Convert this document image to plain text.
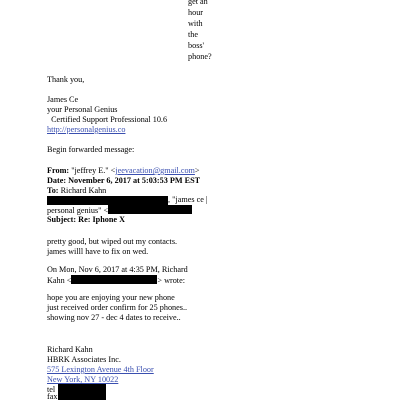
get an

hour

with

the

boss'

phone?

Thank you,

James Ce

your Personal Genius

 Certified Support Professional 10.6

http://personalgenius.co

Begin forwarded message:

From: "jeffrey E." <jeevacation@gmail.com>

Date: November 6, 2017 at 5:03:53 PM EST

To: Richard Kahn

, "james ce |

personal genius" <

Subject: Re: Iphone X

pretty good, but wiped out my contacts.

james willl have to fix on wed.

On Mon, Nov 6, 2017 at 4:35 PM, Richard

Kahn <	> wrote:

hope you are enjoying your new phone

just received order confirm for 25 phones..

showing nov 27 - dec 4 dates to receive..

Richard Kahn

HBRK Associates Inc.

575 Lexington Avenue 4th Floor

New York, NY 10022

tel

fax
